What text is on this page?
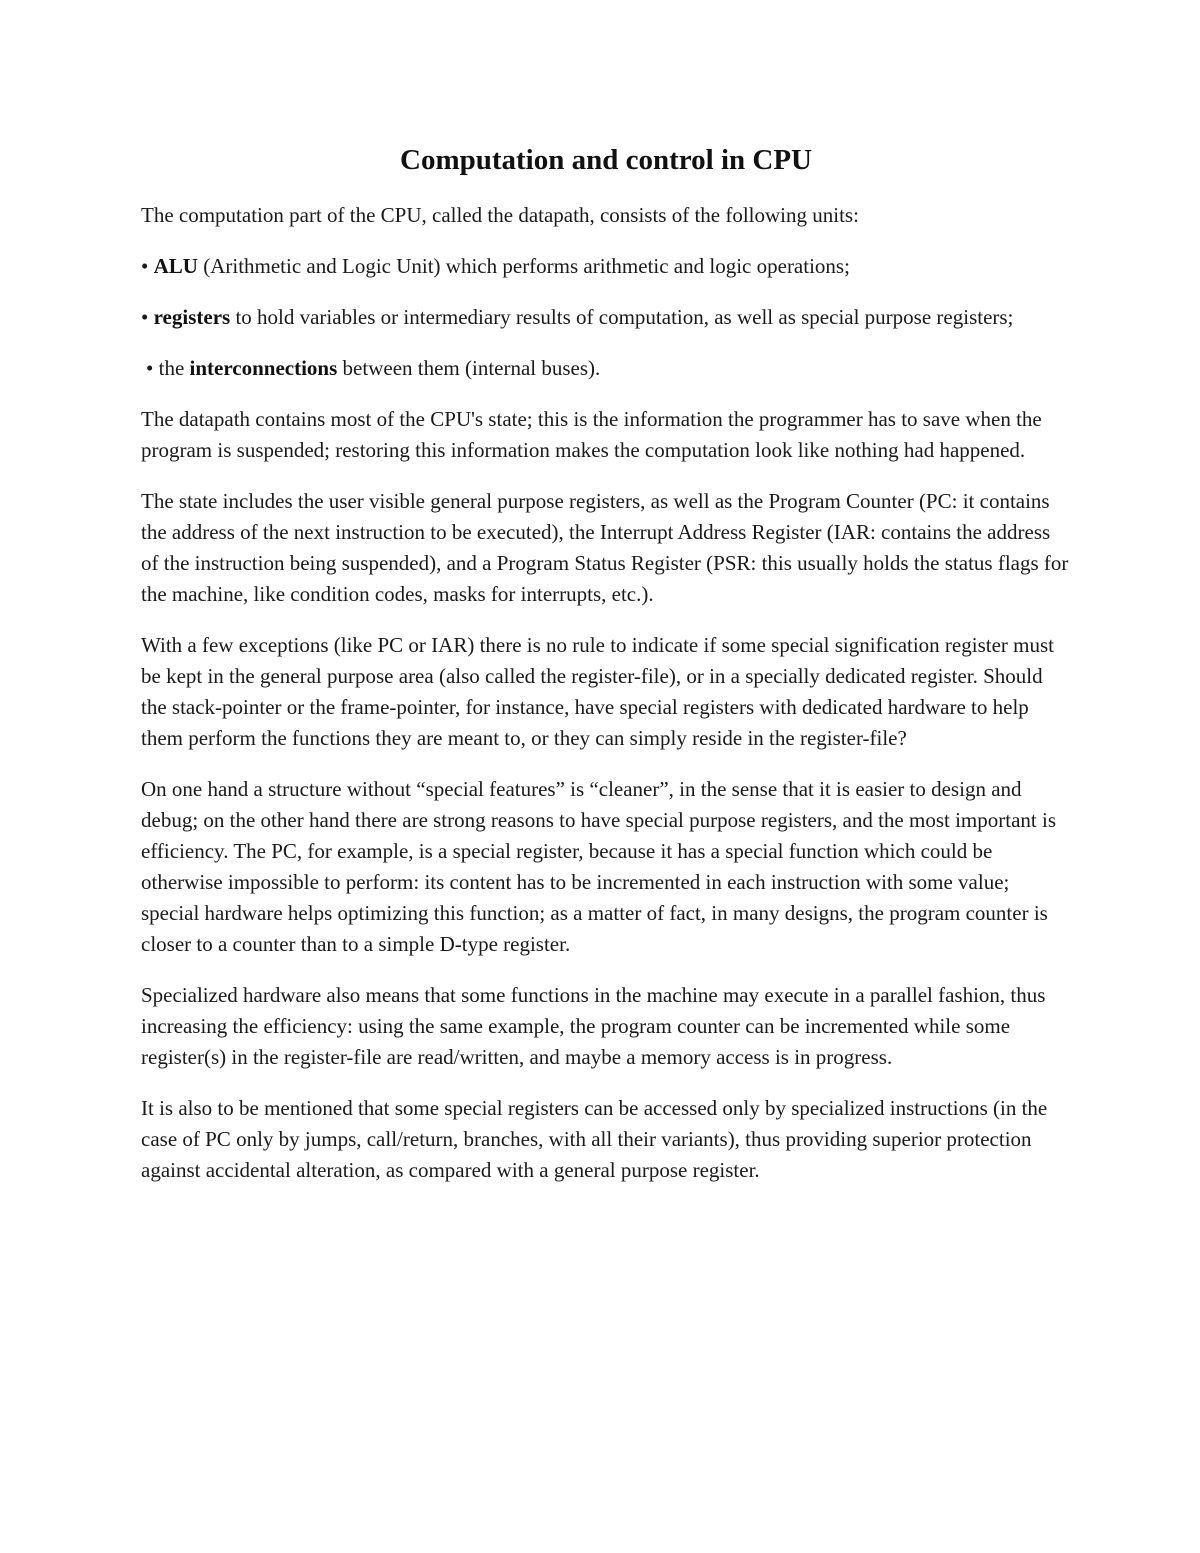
Computation and control in CPU

The computation part of the CPU, called the datapath, consists of the following units:

• ALU (Arithmetic and Logic Unit) which performs arithmetic and logic operations;

• registers to hold variables or intermediary results of computation, as well as special purpose registers;

• the interconnections between them (internal buses).

The datapath contains most of the CPU's state; this is the information the programmer has to save when the program is suspended; restoring this information makes the computation look like nothing had happened.

The state includes the user visible general purpose registers, as well as the Program Counter (PC: it contains the address of the next instruction to be executed), the Interrupt Address Register (IAR: contains the address of the instruction being suspended), and a Program Status Register (PSR: this usually holds the status flags for the machine, like condition codes, masks for interrupts, etc.).

With a few exceptions (like PC or IAR) there is no rule to indicate if some special signification register must be kept in the general purpose area (also called the register-file), or in a specially dedicated register. Should the stack-pointer or the frame-pointer, for instance, have special registers with dedicated hardware to help them perform the functions they are meant to, or they can simply reside in the register-file?

On one hand a structure without “special features” is “cleaner”, in the sense that it is easier to design and debug; on the other hand there are strong reasons to have special purpose registers, and the most important is efficiency. The PC, for example, is a special register, because it has a special function which could be otherwise impossible to perform: its content has to be incremented in each instruction with some value; special hardware helps optimizing this function; as a matter of fact, in many designs, the program counter is closer to a counter than to a simple D-type register.

Specialized hardware also means that some functions in the machine may execute in a parallel fashion, thus increasing the efficiency: using the same example, the program counter can be incremented while some register(s) in the register-file are read/written, and maybe a memory access is in progress.

It is also to be mentioned that some special registers can be accessed only by specialized instructions (in the case of PC only by jumps, call/return, branches, with all their variants), thus providing superior protection against accidental alteration, as compared with a general purpose register.
